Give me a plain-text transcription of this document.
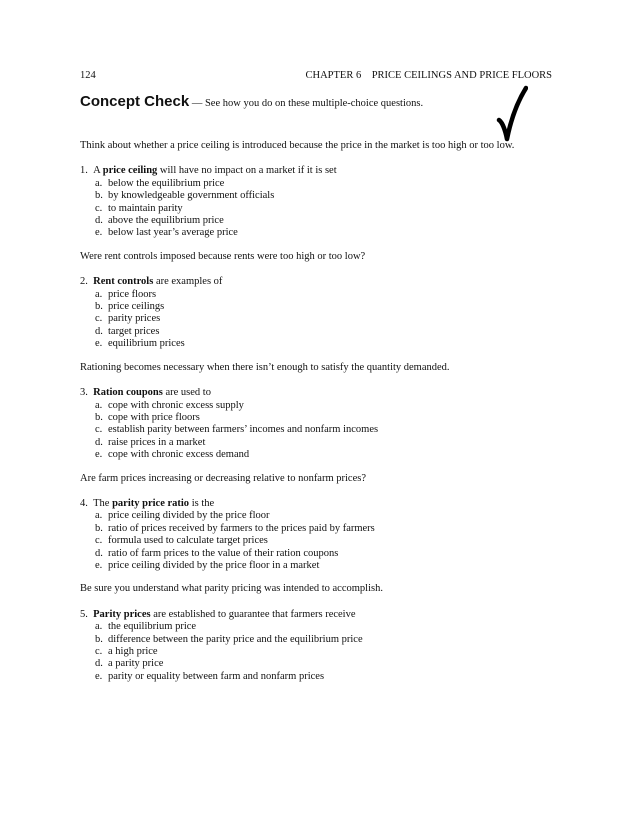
124	CHAPTER 6 PRICE CEILINGS AND PRICE FLOORS
Concept Check — See how you do on these multiple-choice questions.

Think about whether a price ceiling is introduced because the price in the market is too high or too low.

1. A price ceiling will have no impact on a market if it is set

a. below the equilibrium price
b. by knowledgeable government officials
c. to maintain parity
d. above the equilibrium price
e. below last year’s average price

Were rent controls imposed because rents were too high or too low?

2. Rent controls are examples of

a. price floors
b. price ceilings
c. parity prices
d. target prices
e. equilibrium prices

Rationing becomes necessary when there isn’t enough to satisfy the quantity demanded.

3. Ration coupons are used to

a. cope with chronic excess supply
b. cope with price floors
c. establish parity between farmers’ incomes and nonfarm incomes
d. raise prices in a market
e. cope with chronic excess demand

Are farm prices increasing or decreasing relative to nonfarm prices?

4. The parity price ratio is the

a. price ceiling divided by the price floor
b. ratio of prices received by farmers to the prices paid by farmers
c. formula used to calculate target prices
d. ratio of farm prices to the value of their ration coupons
e. price ceiling divided by the price floor in a market

Be sure you understand what parity pricing was intended to accomplish.

5. Parity prices are established to guarantee that farmers receive

a. the equilibrium price
b. difference between the parity price and the equilibrium price
c. a high price
d. a parity price
e. parity or equality between farm and nonfarm prices
